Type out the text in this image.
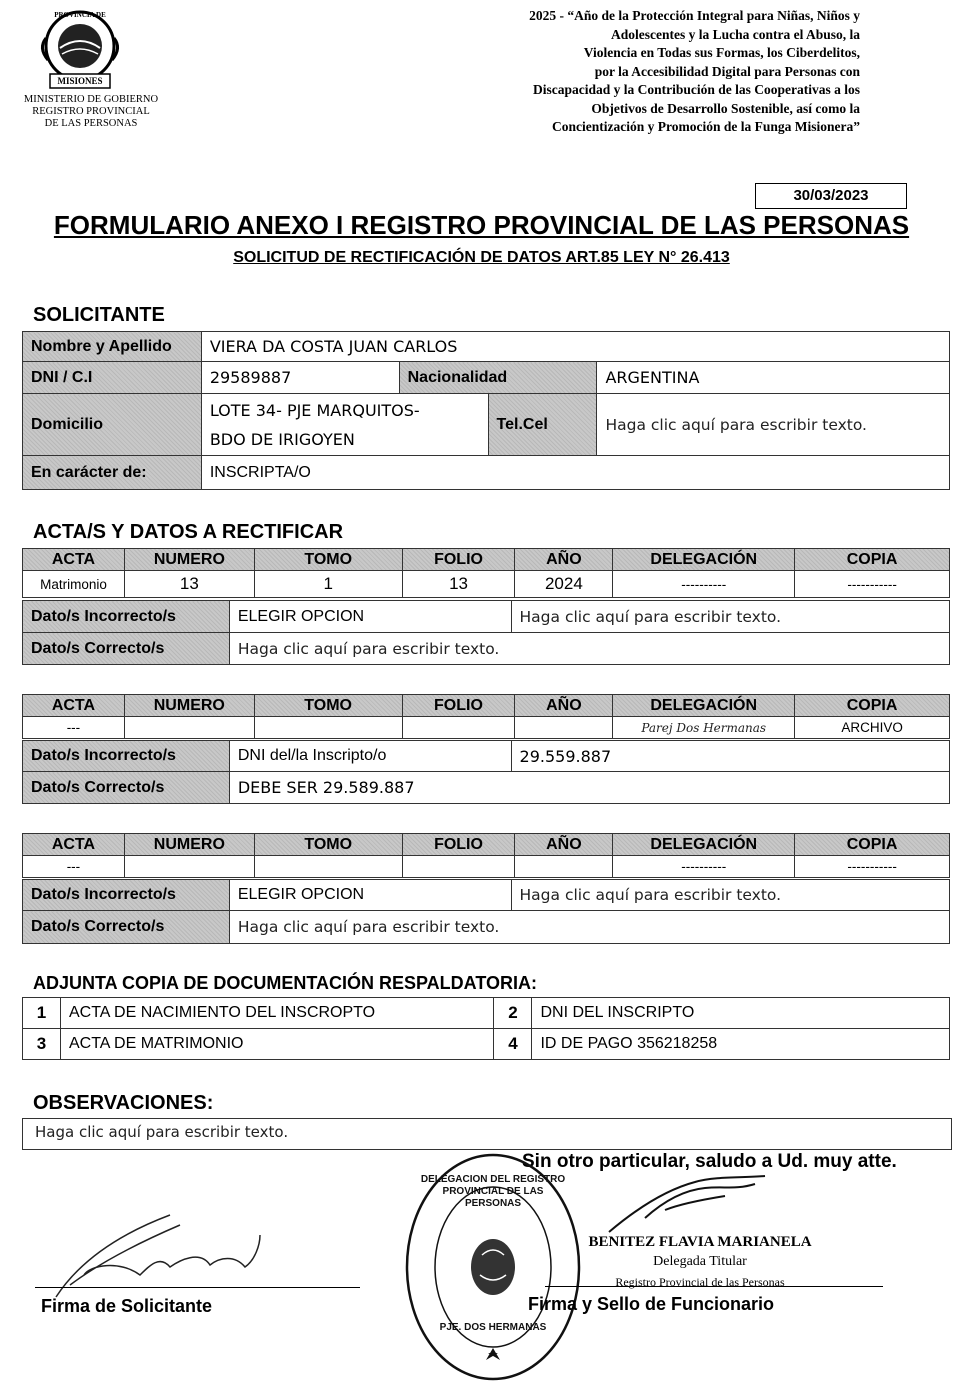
PROVINCIA DE
MISIONES
MINISTERIO DE GOBIERNO
REGISTRO PROVINCIAL
DE LAS PERSONAS
2025 - “Año de la Protección Integral para Niñas, Niños y
Adolescentes y la Lucha contra el Abuso, la
Violencia en Todas sus Formas, los Ciberdelitos,
por la Accesibilidad Digital para Personas con
Discapacidad y la Contribución de las Cooperativas a los
Objetivos de Desarrollo Sostenible, así como la
Concientización y Promoción de la Funga Misionera”
30/03/2023
FORMULARIO ANEXO I REGISTRO PROVINCIAL DE LAS PERSONAS
SOLICITUD DE RECTIFICACIÓN DE DATOS ART.85 LEY N° 26.413
SOLICITANTE
Nombre y Apellido	VIERA DA COSTA JUAN CARLOS			
DNI / C.I	29589887	Nacionalidad		ARGENTINA
Domicilio	LOTE 34- PJE MARQUITOS-
BDO DE IRIGOYEN		Tel.Cel	Haga clic aquí para escribir texto.
En carácter de:	INSCRIPTA/O			
ACTA/S Y DATOS A RECTIFICAR
ACTA	NUMERO	TOMO	FOLIO	AÑO	DELEGACIÓN	COPIA
Matrimonio	13	1	13	2024	----------	-----------
Dato/s Incorrecto/s	ELEGIR OPCION	Haga clic aquí para escribir texto.
Dato/s Correcto/s	Haga clic aquí para escribir texto.	
ACTA	NUMERO	TOMO	FOLIO	AÑO	DELEGACIÓN	COPIA
---					Parej Dos Hermanas	ARCHIVO
Dato/s Incorrecto/s	DNI del/la Inscripto/o	29.559.887
Dato/s Correcto/s	DEBE SER 29.589.887	
ACTA	NUMERO	TOMO	FOLIO	AÑO	DELEGACIÓN	COPIA
---					----------	-----------
Dato/s Incorrecto/s	ELEGIR OPCION	Haga clic aquí para escribir texto.
Dato/s Correcto/s	Haga clic aquí para escribir texto.	
ADJUNTA COPIA DE DOCUMENTACIÓN RESPALDATORIA:
1	ACTA DE NACIMIENTO DEL INSCROPTO	2	DNI DEL INSCRIPTO
3	ACTA DE MATRIMONIO	4	ID DE PAGO 356218258
OBSERVACIONES:
Haga clic aquí para escribir texto.
Sin otro particular, saludo a Ud. muy atte.
Firma de Solicitante
DELEGACION DEL REGISTRO PROVINCIAL DE LAS PERSONAS
PJE. DOS HERMANAS
BENITEZ FLAVIA MARIANELA
Delegada Titular
Registro Provincial de las Personas
Firma y Sello de Funcionario
